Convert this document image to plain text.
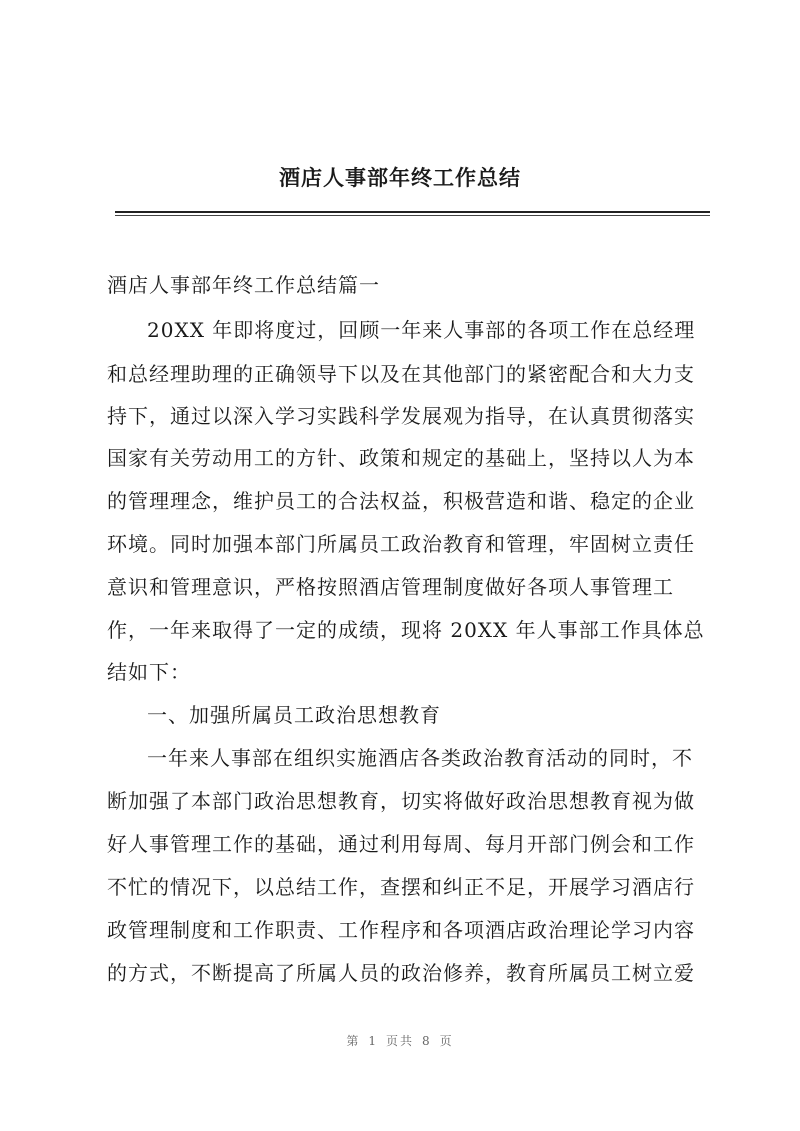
酒店人事部年终工作总结
酒店人事部年终工作总结篇一
20XX 年即将度过，回顾一年来人事部的各项工作在总经理
和总经理助理的正确领导下以及在其他部门的紧密配合和大力支
持下，通过以深入学习实践科学发展观为指导，在认真贯彻落实
国家有关劳动用工的方针、政策和规定的基础上，坚持以人为本
的管理理念，维护员工的合法权益，积极营造和谐、稳定的企业
环境。同时加强本部门所属员工政治教育和管理，牢固树立责任
意识和管理意识，严格按照酒店管理制度做好各项人事管理工
作，一年来取得了一定的成绩，现将 20XX 年人事部工作具体总
结如下：
一、加强所属员工政治思想教育
一年来人事部在组织实施酒店各类政治教育活动的同时，不
断加强了本部门政治思想教育，切实将做好政治思想教育视为做
好人事管理工作的基础，通过利用每周、每月开部门例会和工作
不忙的情况下，以总结工作，查摆和纠正不足，开展学习酒店行
政管理制度和工作职责、工作程序和各项酒店政治理论学习内容
的方式，不断提高了所属人员的政治修养，教育所属员工树立爱
第 1 页共 8 页
